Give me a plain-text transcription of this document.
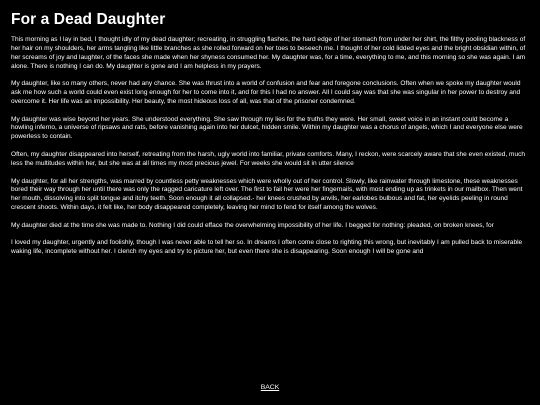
For a Dead Daughter

This morning as I lay in bed, I thought idly of my dead daughter; recreating, in struggling flashes, the hard edge of her stomach from under her shirt, the filthy pooling blackness of her hair on my shoulders, her arms tangling like little branches as she rolled forward on her toes to beseech me. I thought of her cold lidded eyes and the bright obsidian within, of her screams of joy and laughter, of the faces she made when her shyness consumed her. My daughter was, for a time, everything to me, and this morning so she was again. I am alone. There is nothing I can do. My daughter is gone and I am helpless in my prayers.

My daughter, like so many others, never had any chance. She was thrust into a world of confusion and fear and foregone conclusions. Often when we spoke my daughter would ask me how such a world could even exist long enough for her to come into it, and for this I had no answer. All I could say was that she was singular in her power to destroy and overcome it. Her life was an impossibility. Her beauty, the most hideous loss of all, was that of the prisoner condemned.

My daughter was wise beyond her years. She understood everything. She saw through my lies for the truths they were. Her small, sweet voice in an instant could become a howling inferno, a universe of ripsaws and rats, before vanishing again into her dulcet, hidden smile. Within my daughter was a chorus of angels, which I and everyone else were powerless to contain.

Often, my daughter disappeared into herself, retreating from the harsh, ugly world into familiar, private comforts. Many, I reckon, were scarcely aware that she even existed, much less the multitudes within her, but she was at all times my most precious jewel. For weeks she would sit in utter silence

My daughter, for all her strengths, was marred by countless petty weaknesses which were wholly out of her control. Slowly, like rainwater through limestone, these weaknesses bored their way through her until there was only the ragged caricature left over. The first to fail her were her fingernails, with most ending up as trinkets in our mailbox. Then went her mouth, dissolving into split tongue and itchy teeth. Soon enough it all collapsed.- her knees crushed by anvils, her earlobes bulbous and fat, her eyelids peeling in round crescent shoots. Within days, it felt like, her body disappeared completely, leaving her mind to fend for itself among the wolves.

My daughter died at the time she was made to. Nothing I did could efface the overwhelming impossibility of her life. I begged for nothing: pleaded, on broken knees, for

I loved my daughter, urgently and foolishly, though I was never able to tell her so. In dreams I often come close to righting this wrong, but inevitably I am pulled back to miserable waking life, incomplete without her. I clench my eyes and try to picture her, but even there she is disappearing. Soon enough I will be gone and

BACK
